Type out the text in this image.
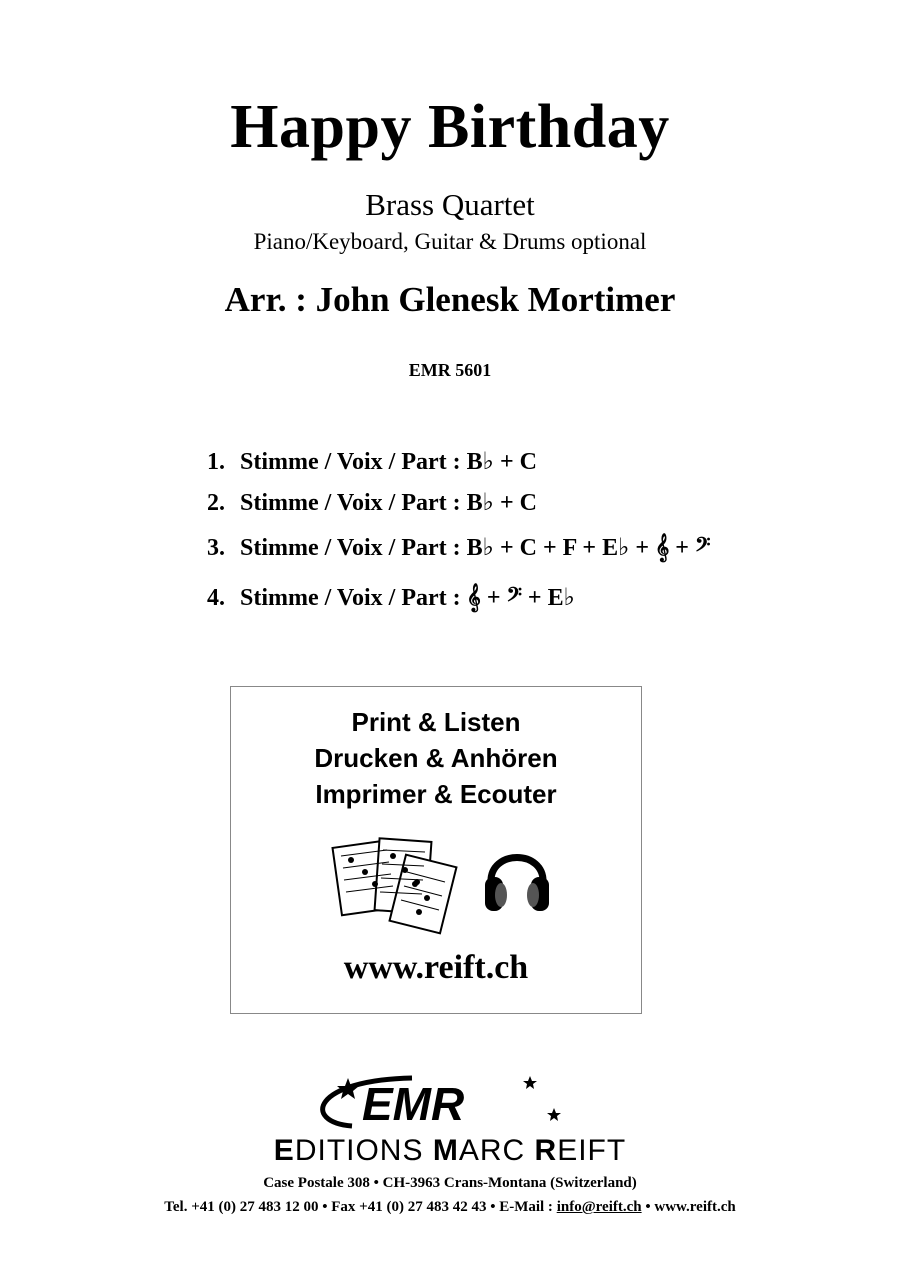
Happy Birthday
Brass Quartet
Piano/Keyboard, Guitar & Drums optional
Arr. : John Glenesk Mortimer
EMR 5601
1. Stimme / Voix / Part : B♭ + C
2. Stimme / Voix / Part : B♭ + C
3. Stimme / Voix / Part : B♭ + C + F + E♭ + 𝄞 + 𝄢
4. Stimme / Voix / Part : 𝄞 + 𝄢 + E♭
Print & Listen
Drucken & Anhören
Imprimer & Ecouter
www.reift.ch
EMR
EDITIONS MARC REIFT
Case Postale 308 • CH-3963 Crans-Montana (Switzerland)
Tel. +41 (0) 27 483 12 00 • Fax +41 (0) 27 483 42 43 • E-Mail : info@reift.ch • www.reift.ch
